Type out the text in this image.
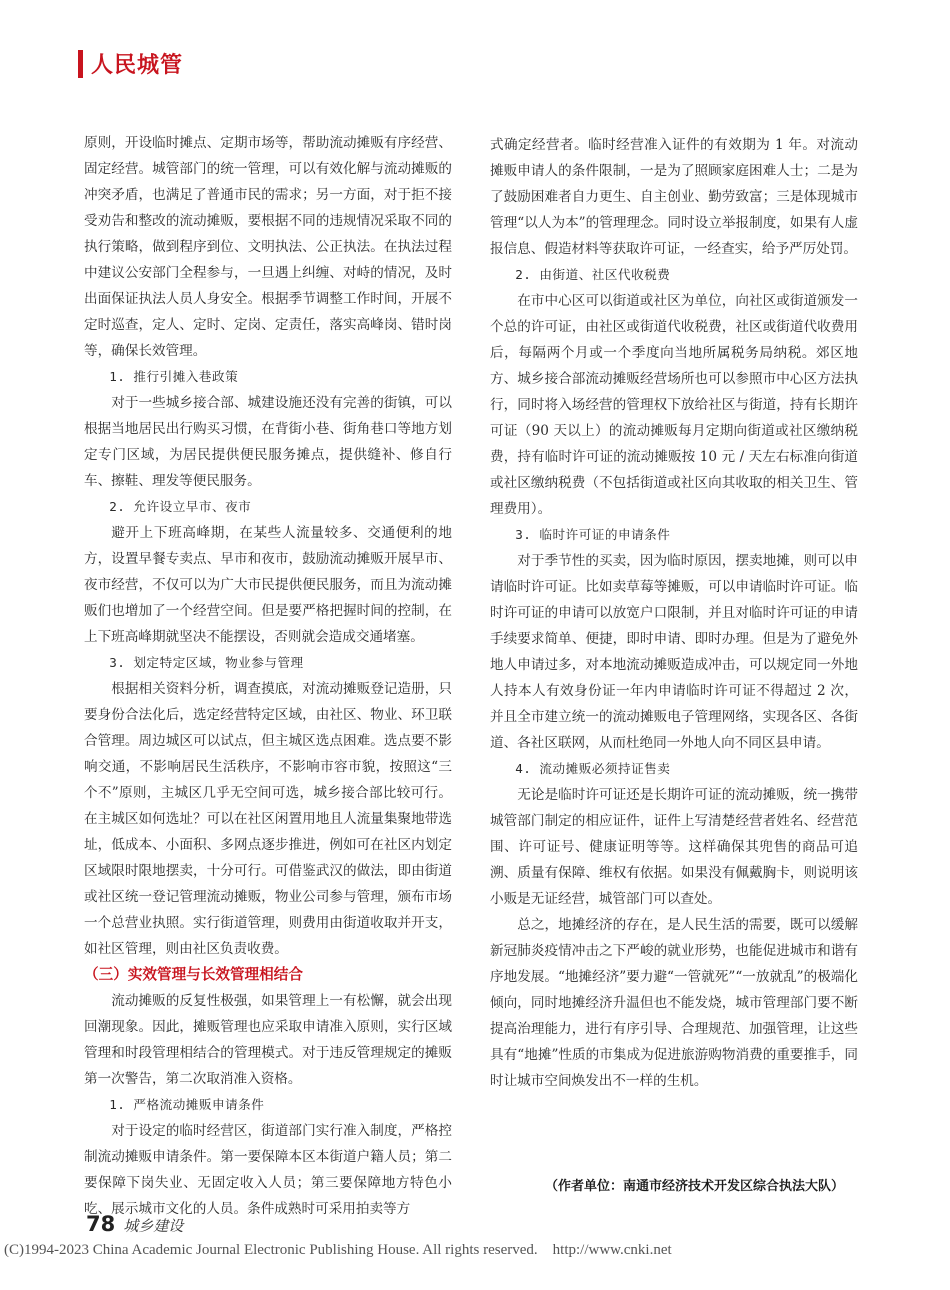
人民城管

原则，开设临时摊点、定期市场等，帮助流动摊贩有序经营、固定经营。城管部门的统一管理，可以有效化解与流动摊贩的冲突矛盾，也满足了普通市民的需求；另一方面，对于拒不接受劝告和整改的流动摊贩，要根据不同的违规情况采取不同的执行策略，做到程序到位、文明执法、公正执法。在执法过程中建议公安部门全程参与，一旦遇上纠缠、对峙的情况，及时出面保证执法人员人身安全。根据季节调整工作时间，开展不定时巡查，定人、定时、定岗、定责任，落实高峰岗、错时岗等，确保长效管理。

1. 推行引摊入巷政策

对于一些城乡接合部、城建设施还没有完善的街镇，可以根据当地居民出行购买习惯，在背街小巷、街角巷口等地方划定专门区域，为居民提供便民服务摊点，提供缝补、修自行车、擦鞋、理发等便民服务。

2. 允许设立早市、夜市

避开上下班高峰期，在某些人流量较多、交通便利的地方，设置早餐专卖点、早市和夜市，鼓励流动摊贩开展早市、夜市经营，不仅可以为广大市民提供便民服务，而且为流动摊贩们也增加了一个经营空间。但是要严格把握时间的控制，在上下班高峰期就坚决不能摆设，否则就会造成交通堵塞。

3. 划定特定区域，物业参与管理

根据相关资料分析，调查摸底，对流动摊贩登记造册，只要身份合法化后，选定经营特定区域，由社区、物业、环卫联合管理。周边城区可以试点，但主城区选点困难。选点要不影响交通，不影响居民生活秩序，不影响市容市貌，按照这“三个不”原则，主城区几乎无空间可选，城乡接合部比较可行。在主城区如何选址？可以在社区闲置用地且人流量集聚地带选址，低成本、小面积、多网点逐步推进，例如可在社区内划定区域限时限地摆卖，十分可行。可借鉴武汉的做法，即由街道或社区统一登记管理流动摊贩，物业公司参与管理，颁布市场一个总营业执照。实行街道管理，则费用由街道收取并开支，如社区管理，则由社区负责收费。

（三）实效管理与长效管理相结合

流动摊贩的反复性极强，如果管理上一有松懈，就会出现回潮现象。因此，摊贩管理也应采取申请准入原则，实行区域管理和时段管理相结合的管理模式。对于违反管理规定的摊贩第一次警告，第二次取消准入资格。

1. 严格流动摊贩申请条件

对于设定的临时经营区，街道部门实行准入制度，严格控制流动摊贩申请条件。第一要保障本区本街道户籍人员；第二要保障下岗失业、无固定收入人员；第三要保障地方特色小吃、展示城市文化的人员。条件成熟时可采用拍卖等方

式确定经营者。临时经营准入证件的有效期为 1 年。对流动摊贩申请人的条件限制，一是为了照顾家庭困难人士；二是为了鼓励困难者自力更生、自主创业、勤劳致富；三是体现城市管理“以人为本”的管理理念。同时设立举报制度，如果有人虚报信息、假造材料等获取许可证，一经查实，给予严厉处罚。

2. 由街道、社区代收税费

在市中心区可以街道或社区为单位，向社区或街道颁发一个总的许可证，由社区或街道代收税费，社区或街道代收费用后，每隔两个月或一个季度向当地所属税务局纳税。郊区地方、城乡接合部流动摊贩经营场所也可以参照市中心区方法执行，同时将入场经营的管理权下放给社区与街道，持有长期许可证（90 天以上）的流动摊贩每月定期向街道或社区缴纳税费，持有临时许可证的流动摊贩按 10 元 / 天左右标准向街道或社区缴纳税费（不包括街道或社区向其收取的相关卫生、管理费用）。

3. 临时许可证的申请条件

对于季节性的买卖，因为临时原因，摆卖地摊，则可以申请临时许可证。比如卖草莓等摊贩，可以申请临时许可证。临时许可证的申请可以放宽户口限制，并且对临时许可证的申请手续要求简单、便捷，即时申请、即时办理。但是为了避免外地人申请过多，对本地流动摊贩造成冲击，可以规定同一外地人持本人有效身份证一年内申请临时许可证不得超过 2 次，并且全市建立统一的流动摊贩电子管理网络，实现各区、各街道、各社区联网，从而杜绝同一外地人向不同区县申请。

4. 流动摊贩必须持证售卖

无论是临时许可证还是长期许可证的流动摊贩，统一携带城管部门制定的相应证件，证件上写清楚经营者姓名、经营范围、许可证号、健康证明等等。这样确保其兜售的商品可追溯、质量有保障、维权有依据。如果没有佩戴胸卡，则说明该小贩是无证经营，城管部门可以查处。

总之，地摊经济的存在，是人民生活的需要，既可以缓解新冠肺炎疫情冲击之下严峻的就业形势，也能促进城市和谐有序地发展。“地摊经济”要力避“一管就死”“一放就乱”的极端化倾向，同时地摊经济升温但也不能发烧，城市管理部门要不断提高治理能力，进行有序引导、合理规范、加强管理，让这些具有“地摊”性质的市集成为促进旅游购物消费的重要推手，同时让城市空间焕发出不一样的生机。

（作者单位：南通市经济技术开发区综合执法大队）
78 城乡建设
(C)1994-2023 China Academic Journal Electronic Publishing House. All rights reserved.　http://www.cnki.net
